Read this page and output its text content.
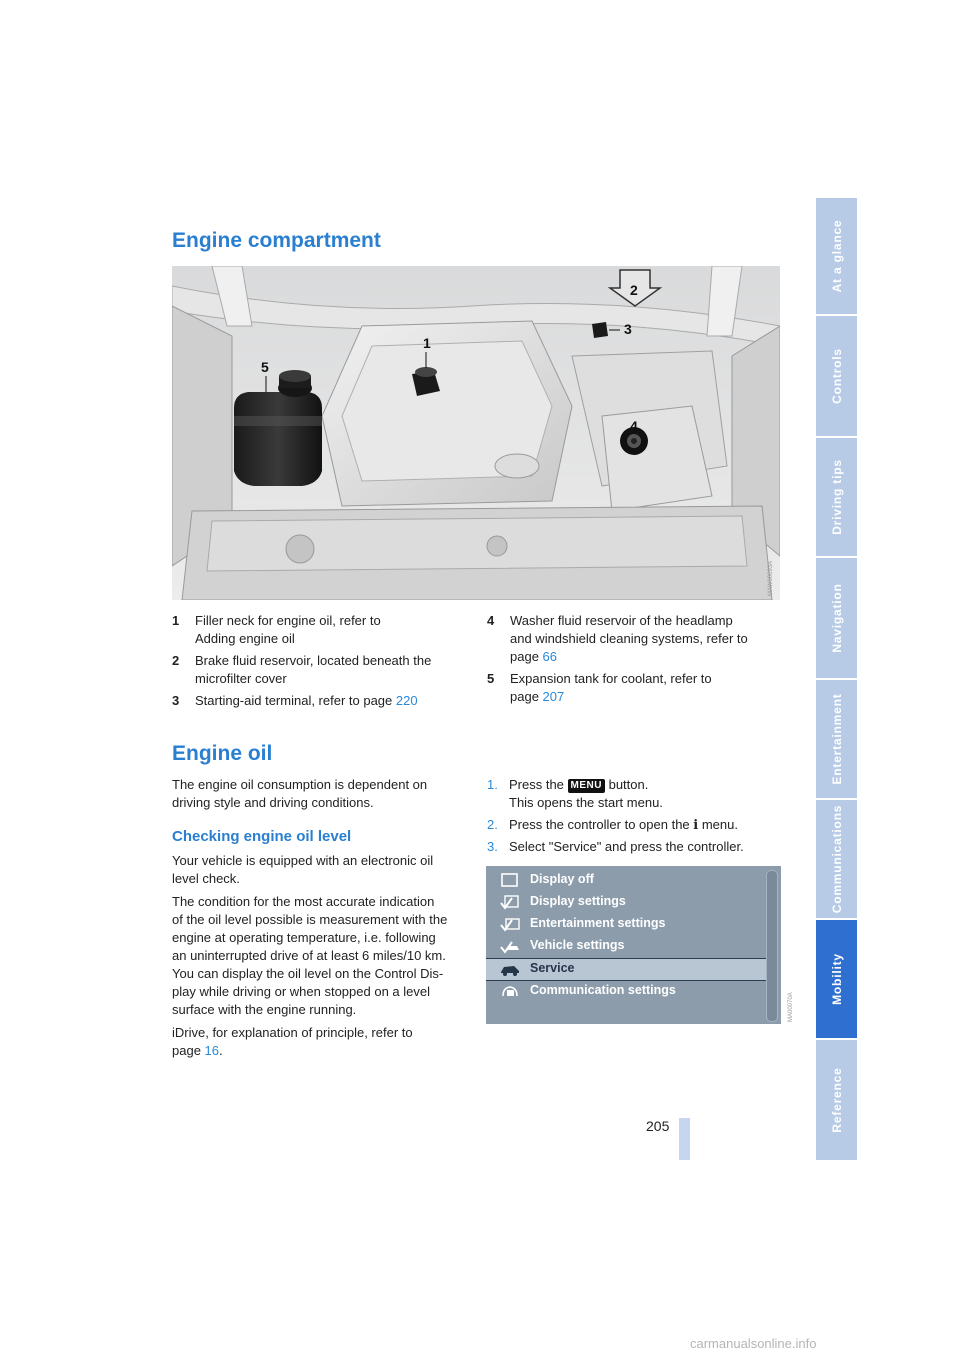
At a glance
Controls
Driving tips
Navigation
Entertainment
Communications
Mobility
Reference
Engine compartment
1
2
3
4
5
MAW00093A
1 Filler neck for engine oil, refer to
Adding engine oil
2 Brake fluid reservoir, located beneath the
microfilter cover
3 Starting-aid terminal, refer to page 220
4 Washer fluid reservoir of the headlamp
and windshield cleaning systems, refer to
page 66
5 Expansion tank for coolant, refer to
page 207
Engine oil

The engine oil consumption is dependent on
driving style and driving conditions.

Checking engine oil level

Your vehicle is equipped with an electronic oil
level check.

The condition for the most accurate indication
of the oil level possible is measurement with the
engine at operating temperature, i.e. following
an uninterrupted drive of at least 6 miles/10 km.
You can display the oil level on the Control Dis-
play while driving or when stopped on a level
surface with the engine running.

iDrive, for explanation of principle, refer to
page 16.

1. Press the MENU button.
This opens the start menu.
2. Press the controller to open the i menu.
3. Select "Service" and press the controller.
Display off
Display settings
Entertainment settings
Vehicle settings
Service
Communication settings
MA00070A
205
carmanualsonline.info
